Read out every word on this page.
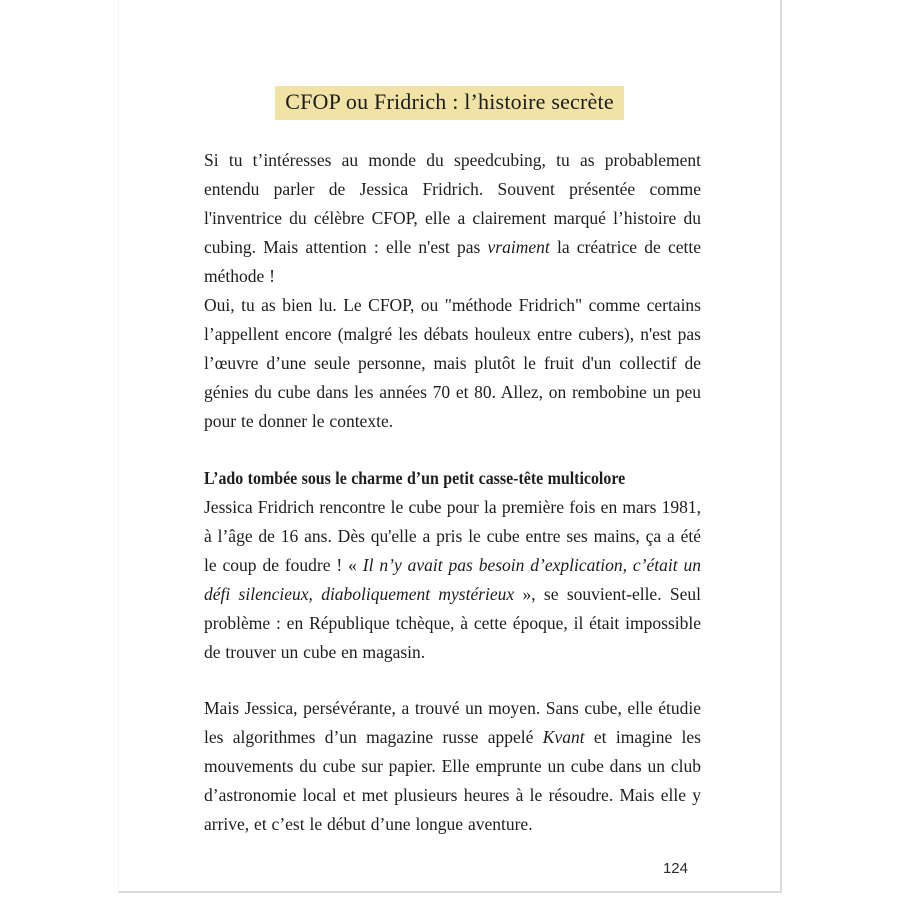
CFOP ou Fridrich : l’histoire secrète

Si tu t’intéresses au monde du speedcubing, tu as probablement entendu parler de Jessica Fridrich. Souvent présentée comme l'inventrice du célèbre CFOP, elle a clairement marqué l’histoire du cubing. Mais attention : elle n'est pas vraiment la créatrice de cette méthode !

Oui, tu as bien lu. Le CFOP, ou "méthode Fridrich" comme certains l’appellent encore (malgré les débats houleux entre cubers), n'est pas l’œuvre d’une seule personne, mais plutôt le fruit d'un collectif de génies du cube dans les années 70 et 80. Allez, on rembobine un peu pour te donner le contexte.

L’ado tombée sous le charme d’un petit casse-tête multicolore

Jessica Fridrich rencontre le cube pour la première fois en mars 1981, à l’âge de 16 ans. Dès qu'elle a pris le cube entre ses mains, ça a été le coup de foudre ! « Il n’y avait pas besoin d’explication, c’était un défi silencieux, diaboliquement mystérieux », se souvient-elle. Seul problème : en République tchèque, à cette époque, il était impossible de trouver un cube en magasin.

Mais Jessica, persévérante, a trouvé un moyen. Sans cube, elle étudie les algorithmes d’un magazine russe appelé Kvant et imagine les mouvements du cube sur papier. Elle emprunte un cube dans un club d’astronomie local et met plusieurs heures à le résoudre. Mais elle y arrive, et c’est le début d’une longue aventure.

124
